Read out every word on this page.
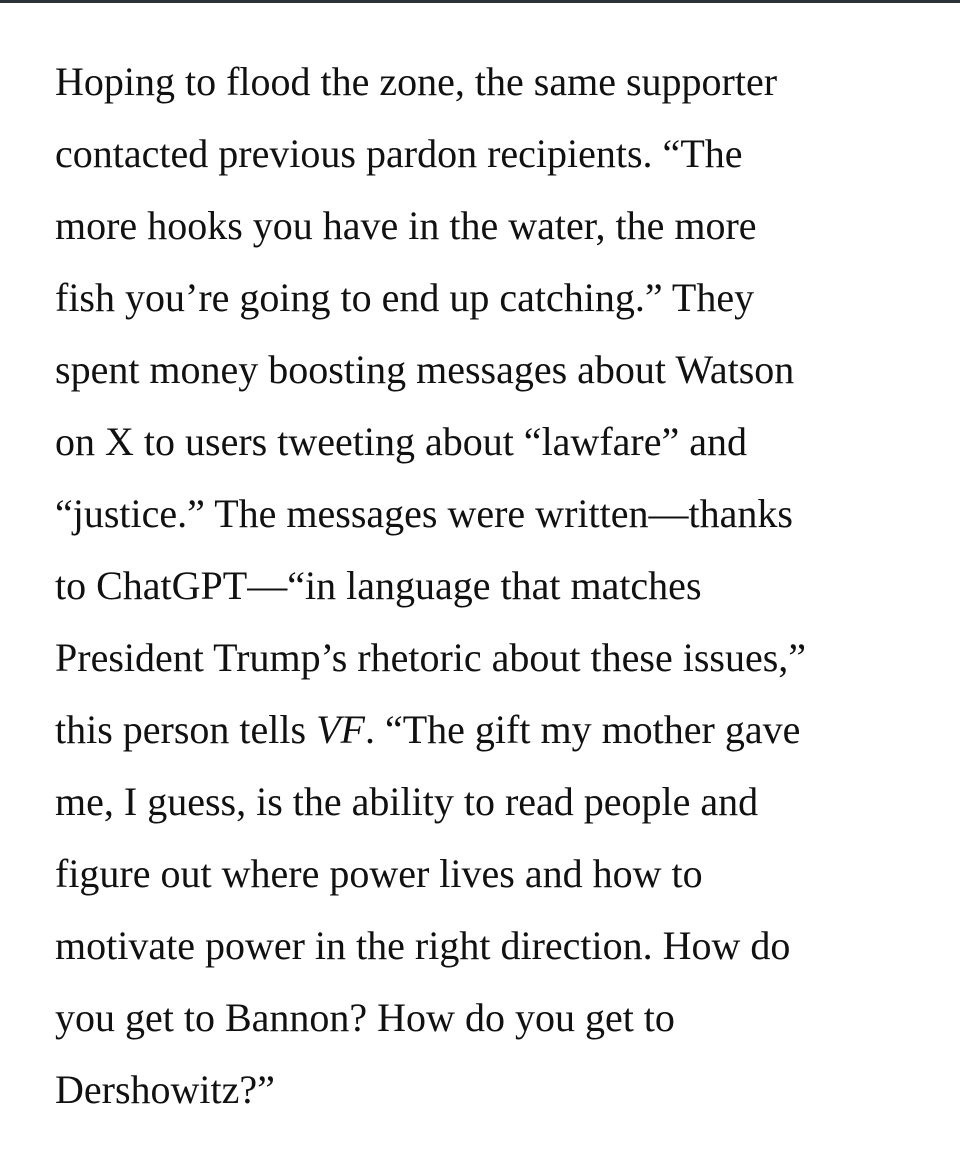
Hoping to flood the zone, the same supporter
contacted previous pardon recipients. “The
more hooks you have in the water, the more
fish you’re going to end up catching.” They
spent money boosting messages about Watson
on X to users tweeting about “lawfare” and
“justice.” The messages were written—thanks
to ChatGPT—“in language that matches
President Trump’s rhetoric about these issues,”
this person tells VF. “The gift my mother gave
me, I guess, is the ability to read people and
figure out where power lives and how to
motivate power in the right direction. How do
you get to Bannon? How do you get to
Dershowitz?”
